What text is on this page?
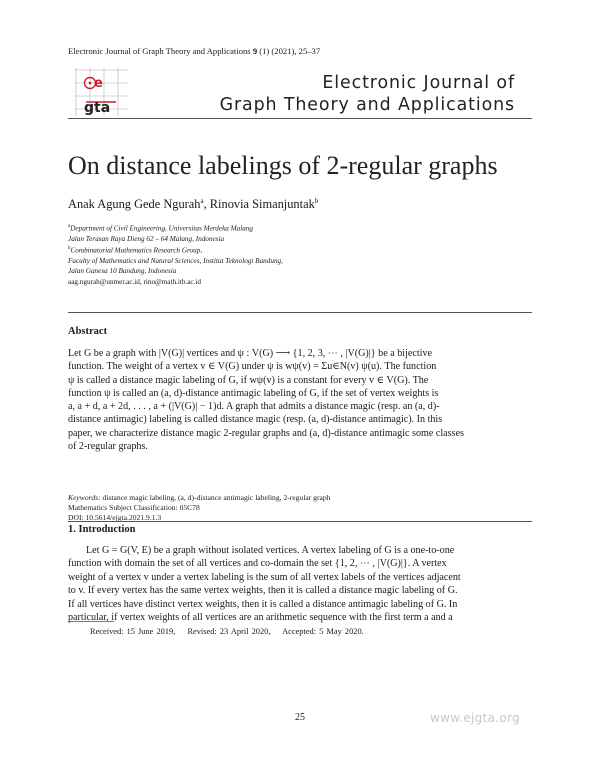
Electronic Journal of Graph Theory and Applications 9 (1) (2021), 25–37
e
gta
Electronic Journal of
Graph Theory and Applications
On distance labelings of 2-regular graphs
Anak Agung Gede Ngurah$^a$, Rinovia Simanjuntak$^b$
$^a$Department of Civil Engineering, Universitas Merdeka Malang
Jalan Terusan Raya Dieng 62 – 64 Malang, Indonesia
$^b$Combinatorial Mathematics Research Group,
Faculty of Mathematics and Natural Sciences, Institut Teknologi Bandung,
Jalan Ganesa 10 Bandung, Indonesia
aag.ngurah@unmer.ac.id, rino@math.itb.ac.id
Abstract
Let G be a graph with |V(G)| vertices and ψ : V(G) ⟶ {1, 2, 3, ⋯ , |V(G)|} be a bijective
function. The weight of a vertex v ∈ V(G) under ψ is wψ(v) = Σu∈N(v) ψ(u). The function
ψ is called a distance magic labeling of G, if wψ(v) is a constant for every v ∈ V(G). The
function ψ is called an (a, d)-distance antimagic labeling of G, if the set of vertex weights is
a, a + d, a + 2d, . . . , a + (|V(G)| − 1)d. A graph that admits a distance magic (resp. an (a, d)-
distance antimagic) labeling is called distance magic (resp. (a, d)-distance antimagic). In this
paper, we characterize distance magic 2-regular graphs and (a, d)-distance antimagic some classes
of 2-regular graphs.
Keywords: distance magic labeling, (a, d)-distance antimagic labeling, 2-regular graph
Mathematics Subject Classification: 05C78
DOI: 10.5614/ejgta.2021.9.1.3
1. Introduction

Let G = G(V, E) be a graph without isolated vertices. A vertex labeling of G is a one-to-one

function with domain the set of all vertices and co-domain the set {1, 2, ⋯ , |V(G)|}. A vertex
weight of a vertex v under a vertex labeling is the sum of all vertex labels of the vertices adjacent
to v. If every vertex has the same vertex weights, then it is called a distance magic labeling of G.
If all vertices have distinct vertex weights, then it is called a distance antimagic labeling of G. In
particular, if vertex weights of all vertices are an arithmetic sequence with the first term a and a
Received: 15 June 2019, Revised: 23 April 2020, Accepted: 5 May 2020.
25	www.ejgta.org
